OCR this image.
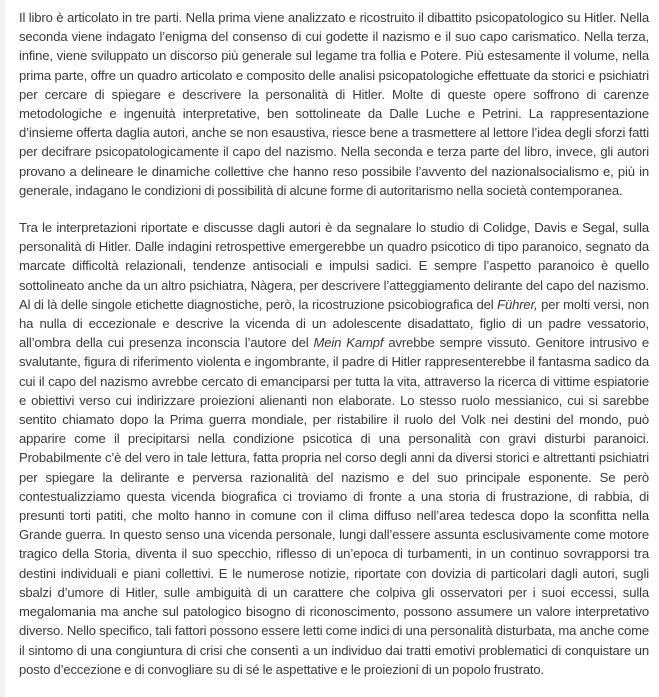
Il libro è articolato in tre parti. Nella prima viene analizzato e ricostruito il dibattito psicopatologico su Hitler. Nella seconda viene indagato l’enigma del consenso di cui godette il nazismo e il suo capo carismatico. Nella terza, infine, viene sviluppato un discorso più generale sul legame tra follia e Potere. Più estesamente il volume, nella prima parte, offre un quadro articolato e composito delle analisi psicopatologiche effettuate da storici e psichiatri per cercare di spiegare e descrivere la personalità di Hitler. Molte di queste opere soffrono di carenze metodologiche e ingenuità interpretative, ben sottolineate da Dalle Luche e Petrini. La rappresentazione d’insieme offerta daglia autori, anche se non esaustiva, riesce bene a trasmettere al lettore l’idea degli sforzi fatti per decifrare psicopatologicamente il capo del nazismo. Nella seconda e terza parte del libro, invece, gli autori provano a delineare le dinamiche collettive che hanno reso possibile l’avvento del nazionalsocialismo e, più in generale, indagano le condizioni di possibilità di alcune forme di autoritarismo nella società contemporanea.

Tra le interpretazioni riportate e discusse dagli autori è da segnalare lo studio di Colidge, Davis e Segal, sulla personalità di Hitler. Dalle indagini retrospettive emergerebbe un quadro psicotico di tipo paranoico, segnato da marcate difficoltà relazionali, tendenze antisociali e impulsi sadici. E sempre l’aspetto paranoico è quello sottolineato anche da un altro psichiatra, Nàgera, per descrivere l’atteggiamento delirante del capo del nazismo. Al di là delle singole etichette diagnostiche, però, la ricostruzione psicobiografica del Führer, per molti versi, non ha nulla di eccezionale e descrive la vicenda di un adolescente disadattato, figlio di un padre vessatorio, all’ombra della cui presenza inconscia l’autore del Mein Kampf avrebbe sempre vissuto. Genitore intrusivo e svalutante, figura di riferimento violenta e ingombrante, il padre di Hitler rappresenterebbe il fantasma sadico da cui il capo del nazismo avrebbe cercato di emanciparsi per tutta la vita, attraverso la ricerca di vittime espiatorie e obiettivi verso cui indirizzare proiezioni alienanti non elaborate. Lo stesso ruolo messianico, cui si sarebbe sentito chiamato dopo la Prima guerra mondiale, per ristabilire il ruolo del Volk nei destini del mondo, può apparire come il precipitarsi nella condizione psicotica di una personalità con gravi disturbi paranoici. Probabilmente c’è del vero in tale lettura, fatta propria nel corso degli anni da diversi storici e altrettanti psichiatri per spiegare la delirante e perversa razionalità del nazismo e del suo principale esponente. Se però contestualizziamo questa vicenda biografica ci troviamo di fronte a una storia di frustrazione, di rabbia, di presunti torti patiti, che molto hanno in comune con il clima diffuso nell’area tedesca dopo la sconfitta nella Grande guerra. In questo senso una vicenda personale, lungi dall’essere assunta esclusivamente come motore tragico della Storia, diventa il suo specchio, riflesso di un’epoca di turbamenti, in un continuo sovrapporsi tra destini individuali e piani collettivi. E le numerose notizie, riportate con dovizia di particolari dagli autori, sugli sbalzi d’umore di Hitler, sulle ambiguità di un carattere che colpiva gli osservatori per i suoi eccessi, sulla megalomania ma anche sul patologico bisogno di riconoscimento, possono assumere un valore interpretativo diverso. Nello specifico, tali fattori possono essere letti come indici di una personalità disturbata, ma anche come il sintomo di una congiuntura di crisi che consentì a un individuo dai tratti emotivi problematici di conquistare un posto d’eccezione e di convogliare su di sé le aspettative e le proiezioni di un popolo frustrato.
